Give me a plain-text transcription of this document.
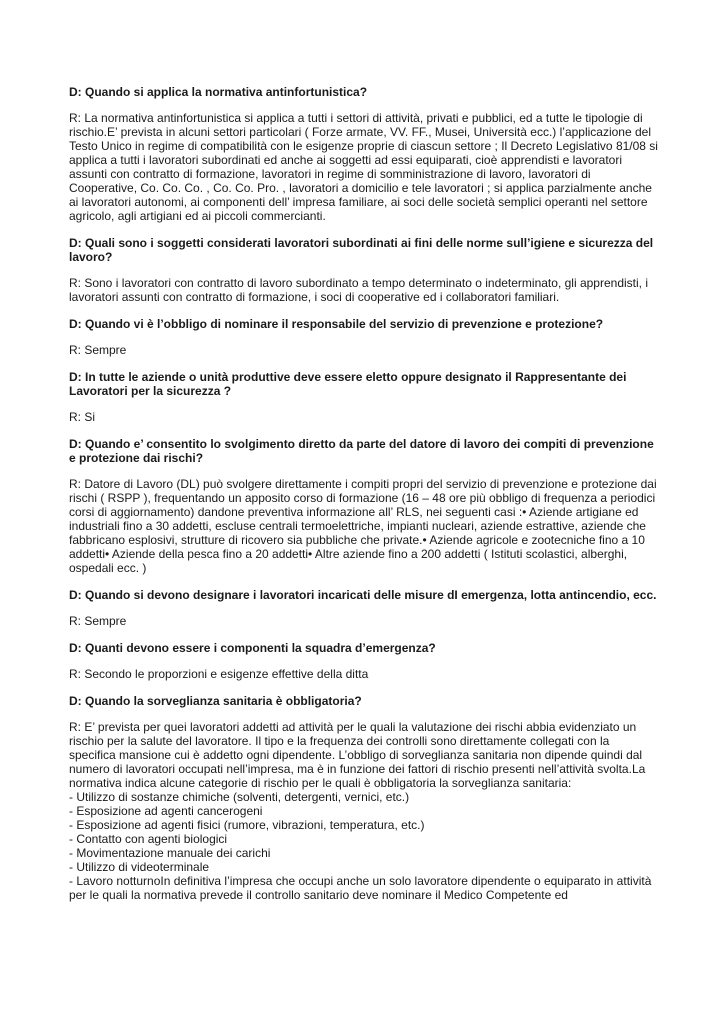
D: Quando si applica la normativa antinfortunistica?
R: La normativa antinfortunistica si applica a tutti i settori di attività, privati e pubblici, ed a tutte le tipologie di rischio.E’ prevista in alcuni settori particolari ( Forze armate, VV. FF., Musei, Università ecc.) l’applicazione del Testo Unico in regime di compatibilità con le esigenze proprie di ciascun settore ; Il Decreto Legislativo 81/08 si applica a tutti i lavoratori subordinati ed anche ai soggetti ad essi equiparati, cioè apprendisti e lavoratori assunti con contratto di formazione, lavoratori in regime di somministrazione di lavoro, lavoratori di Cooperative, Co. Co. Co. , Co. Co. Pro. , lavoratori a domicilio e tele lavoratori ; si applica parzialmente anche ai lavoratori autonomi, ai componenti dell’ impresa familiare, ai soci delle società semplici operanti nel settore agricolo, agli artigiani ed ai piccoli commercianti.
D: Quali sono i soggetti considerati lavoratori subordinati ai fini delle norme sull’igiene e sicurezza del lavoro?
R: Sono i lavoratori con contratto di lavoro subordinato a tempo determinato o indeterminato, gli apprendisti, i lavoratori assunti con contratto di formazione, i soci di cooperative ed i collaboratori familiari.
D: Quando vi è l’obbligo di nominare il responsabile del servizio di prevenzione e protezione?
R: Sempre
D: In tutte le aziende o unità produttive deve essere eletto oppure designato il Rappresentante dei Lavoratori per la sicurezza ?
R: Si
D: Quando e’ consentito lo svolgimento diretto da parte del datore di lavoro dei compiti di prevenzione e protezione dai rischi?
R: Datore di Lavoro (DL) può svolgere direttamente i compiti propri del servizio di prevenzione e protezione dai rischi ( RSPP ), frequentando un apposito corso di formazione (16 – 48 ore più obbligo di frequenza a periodici corsi di aggiornamento) dandone preventiva informazione all’ RLS, nei seguenti casi :• Aziende artigiane ed industriali fino a 30 addetti, escluse centrali termoelettriche, impianti nucleari, aziende estrattive, aziende che fabbricano esplosivi, strutture di ricovero sia pubbliche che private.• Aziende agricole e zootecniche fino a 10 addetti• Aziende della pesca fino a 20 addetti• Altre aziende fino a 200 addetti ( Istituti scolastici, alberghi, ospedali ecc. )
D: Quando si devono designare i lavoratori incaricati delle misure dI emergenza, lotta antincendio, ecc.
R: Sempre
D: Quanti devono essere i componenti la squadra d’emergenza?
R: Secondo le proporzioni e esigenze effettive della ditta
D: Quando la sorveglianza sanitaria è obbligatoria?
R: E’ prevista per quei lavoratori addetti ad attività per le quali la valutazione dei rischi abbia evidenziato un rischio per la salute del lavoratore. Il tipo e la frequenza dei controlli sono direttamente collegati con la specifica mansione cui è addetto ogni dipendente. L’obbligo di sorveglianza sanitaria non dipende quindi dal numero di lavoratori occupati nell’impresa, ma è in funzione dei fattori di rischio presenti nell’attività svolta.La normativa indica alcune categorie di rischio per le quali è obbligatoria la sorveglianza sanitaria:
- Utilizzo di sostanze chimiche (solventi, detergenti, vernici, etc.)
- Esposizione ad agenti cancerogeni
- Esposizione ad agenti fisici (rumore, vibrazioni, temperatura, etc.)
- Contatto con agenti biologici
- Movimentazione manuale dei carichi
- Utilizzo di videoterminale
- Lavoro notturnoIn definitiva l’impresa che occupi anche un solo lavoratore dipendente o equiparato in attività per le quali la normativa prevede il controllo sanitario deve nominare il Medico Competente ed
